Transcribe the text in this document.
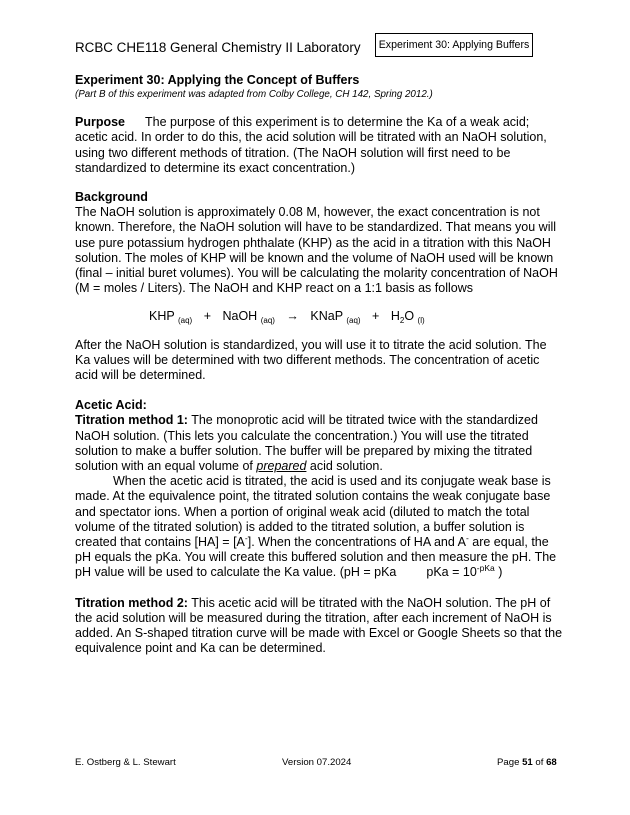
RCBC CHE118 General Chemistry II Laboratory	Experiment 30: Applying Buffers

Experiment 30: Applying the Concept of Buffers

(Part B of this experiment was adapted from Colby College, CH 142, Spring 2012.)

Purpose The purpose of this experiment is to determine the Ka of a weak acid; acetic acid. In order to do this, the acid solution will be titrated with an NaOH solution, using two different methods of titration. (The NaOH solution will first need to be standardized to determine its exact concentration.)

Background

The NaOH solution is approximately 0.08 M, however, the exact concentration is not known. Therefore, the NaOH solution will have to be standardized. That means you will use pure potassium hydrogen phthalate (KHP) as the acid in a titration with this NaOH solution. The moles of KHP will be known and the volume of NaOH used will be known (final – initial buret volumes). You will be calculating the molarity concentration of NaOH (M = moles / Liters). The NaOH and KHP react on a 1:1 basis as follows

KHP $_{(aq)}$ + NaOH $_{(aq)}$ → KNaP $_{(aq)} + H_2O$ $_{(l)}$

After the NaOH solution is standardized, you will use it to titrate the acid solution. The Ka values will be determined with two different methods. The concentration of acetic acid will be determined.

Acetic Acid:

Titration method 1: The monoprotic acid will be titrated twice with the standardized NaOH solution. (This lets you calculate the concentration.) You will use the titrated solution to make a buffer solution. The buffer will be prepared by mixing the titrated solution with an equal volume of prepared acid solution.

When the acetic acid is titrated, the acid is used and its conjugate weak base is made. At the equivalence point, the titrated solution contains the weak conjugate base and spectator ions. When a portion of original weak acid (diluted to match the total volume of the titrated solution) is added to the titrated solution, a buffer solution is created that contains [HA] = [A-]. When the concentrations of HA and A- are equal, the pH equals the pKa. You will create this buffered solution and then measure the pH. The pH value will be used to calculate the Ka value. (pH = pKa pKa = $10^{-pKa}$ )

Titration method 2: This acetic acid will be titrated with the NaOH solution. The pH of the acid solution will be measured during the titration, after each increment of NaOH is added. An S-shaped titration curve will be made with Excel or Google Sheets so that the equivalence point and Ka can be determined.

E. Ostberg & L. Stewart	Version 07.2024	Page 51 of 68
